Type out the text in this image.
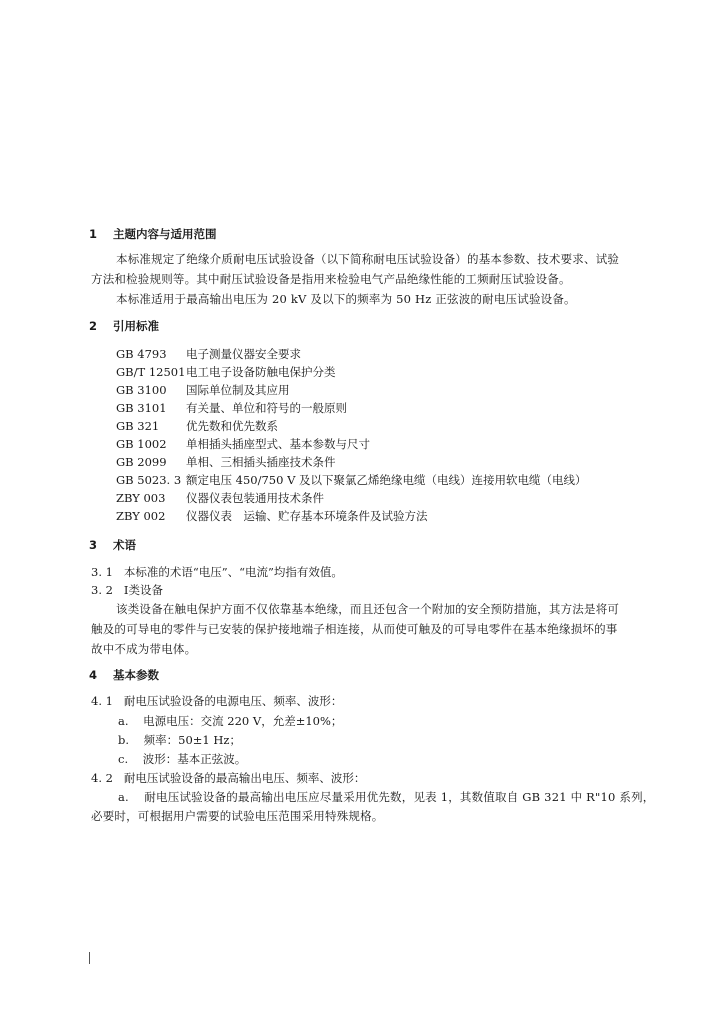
1 主题内容与适用范围
本标准规定了绝缘介质耐电压试验设备（以下简称耐电压试验设备）的基本参数、技术要求、试验
方法和检验规则等。其中耐压试验设备是指用来检验电气产品绝缘性能的工频耐压试验设备。
本标准适用于最高输出电压为 20 kV 及以下的频率为 50 Hz 正弦波的耐电压试验设备。
2 引用标准
GB 4793 电子测量仪器安全要求
GB/T 12501 电工电子设备防触电保护分类
GB 3100 国际单位制及其应用
GB 3101 有关量、单位和符号的一般原则
GB 321 优先数和优先数系
GB 1002 单相插头插座型式、基本参数与尺寸
GB 2099 单相、三相插头插座技术条件
GB 5023. 3 额定电压 450/750 V 及以下聚氯乙烯绝缘电缆（电线）连接用软电缆（电线）
ZBY 003 仪器仪表包装通用技术条件
ZBY 002 仪器仪表　运输、贮存基本环境条件及试验方法
3 术语
3. 1 本标准的术语“电压”、“电流”均指有效值。
3. 2 Ⅰ类设备
该类设备在触电保护方面不仅依靠基本绝缘，而且还包含一个附加的安全预防措施，其方法是将可
触及的可导电的零件与已安装的保护接地端子相连接，从而使可触及的可导电零件在基本绝缘损坏的事
故中不成为带电体。
4 基本参数
4. 1 耐电压试验设备的电源电压、频率、波形：
a. 电源电压：交流 220 V，允差±10%；
b. 频率：50±1 Hz；
c. 波形：基本正弦波。
4. 2 耐电压试验设备的最高输出电压、频率、波形：
a. 耐电压试验设备的最高输出电压应尽量采用优先数，见表 1，其数值取自 GB 321 中 R"10 系列，
必要时，可根据用户需要的试验电压范围采用特殊规格。
